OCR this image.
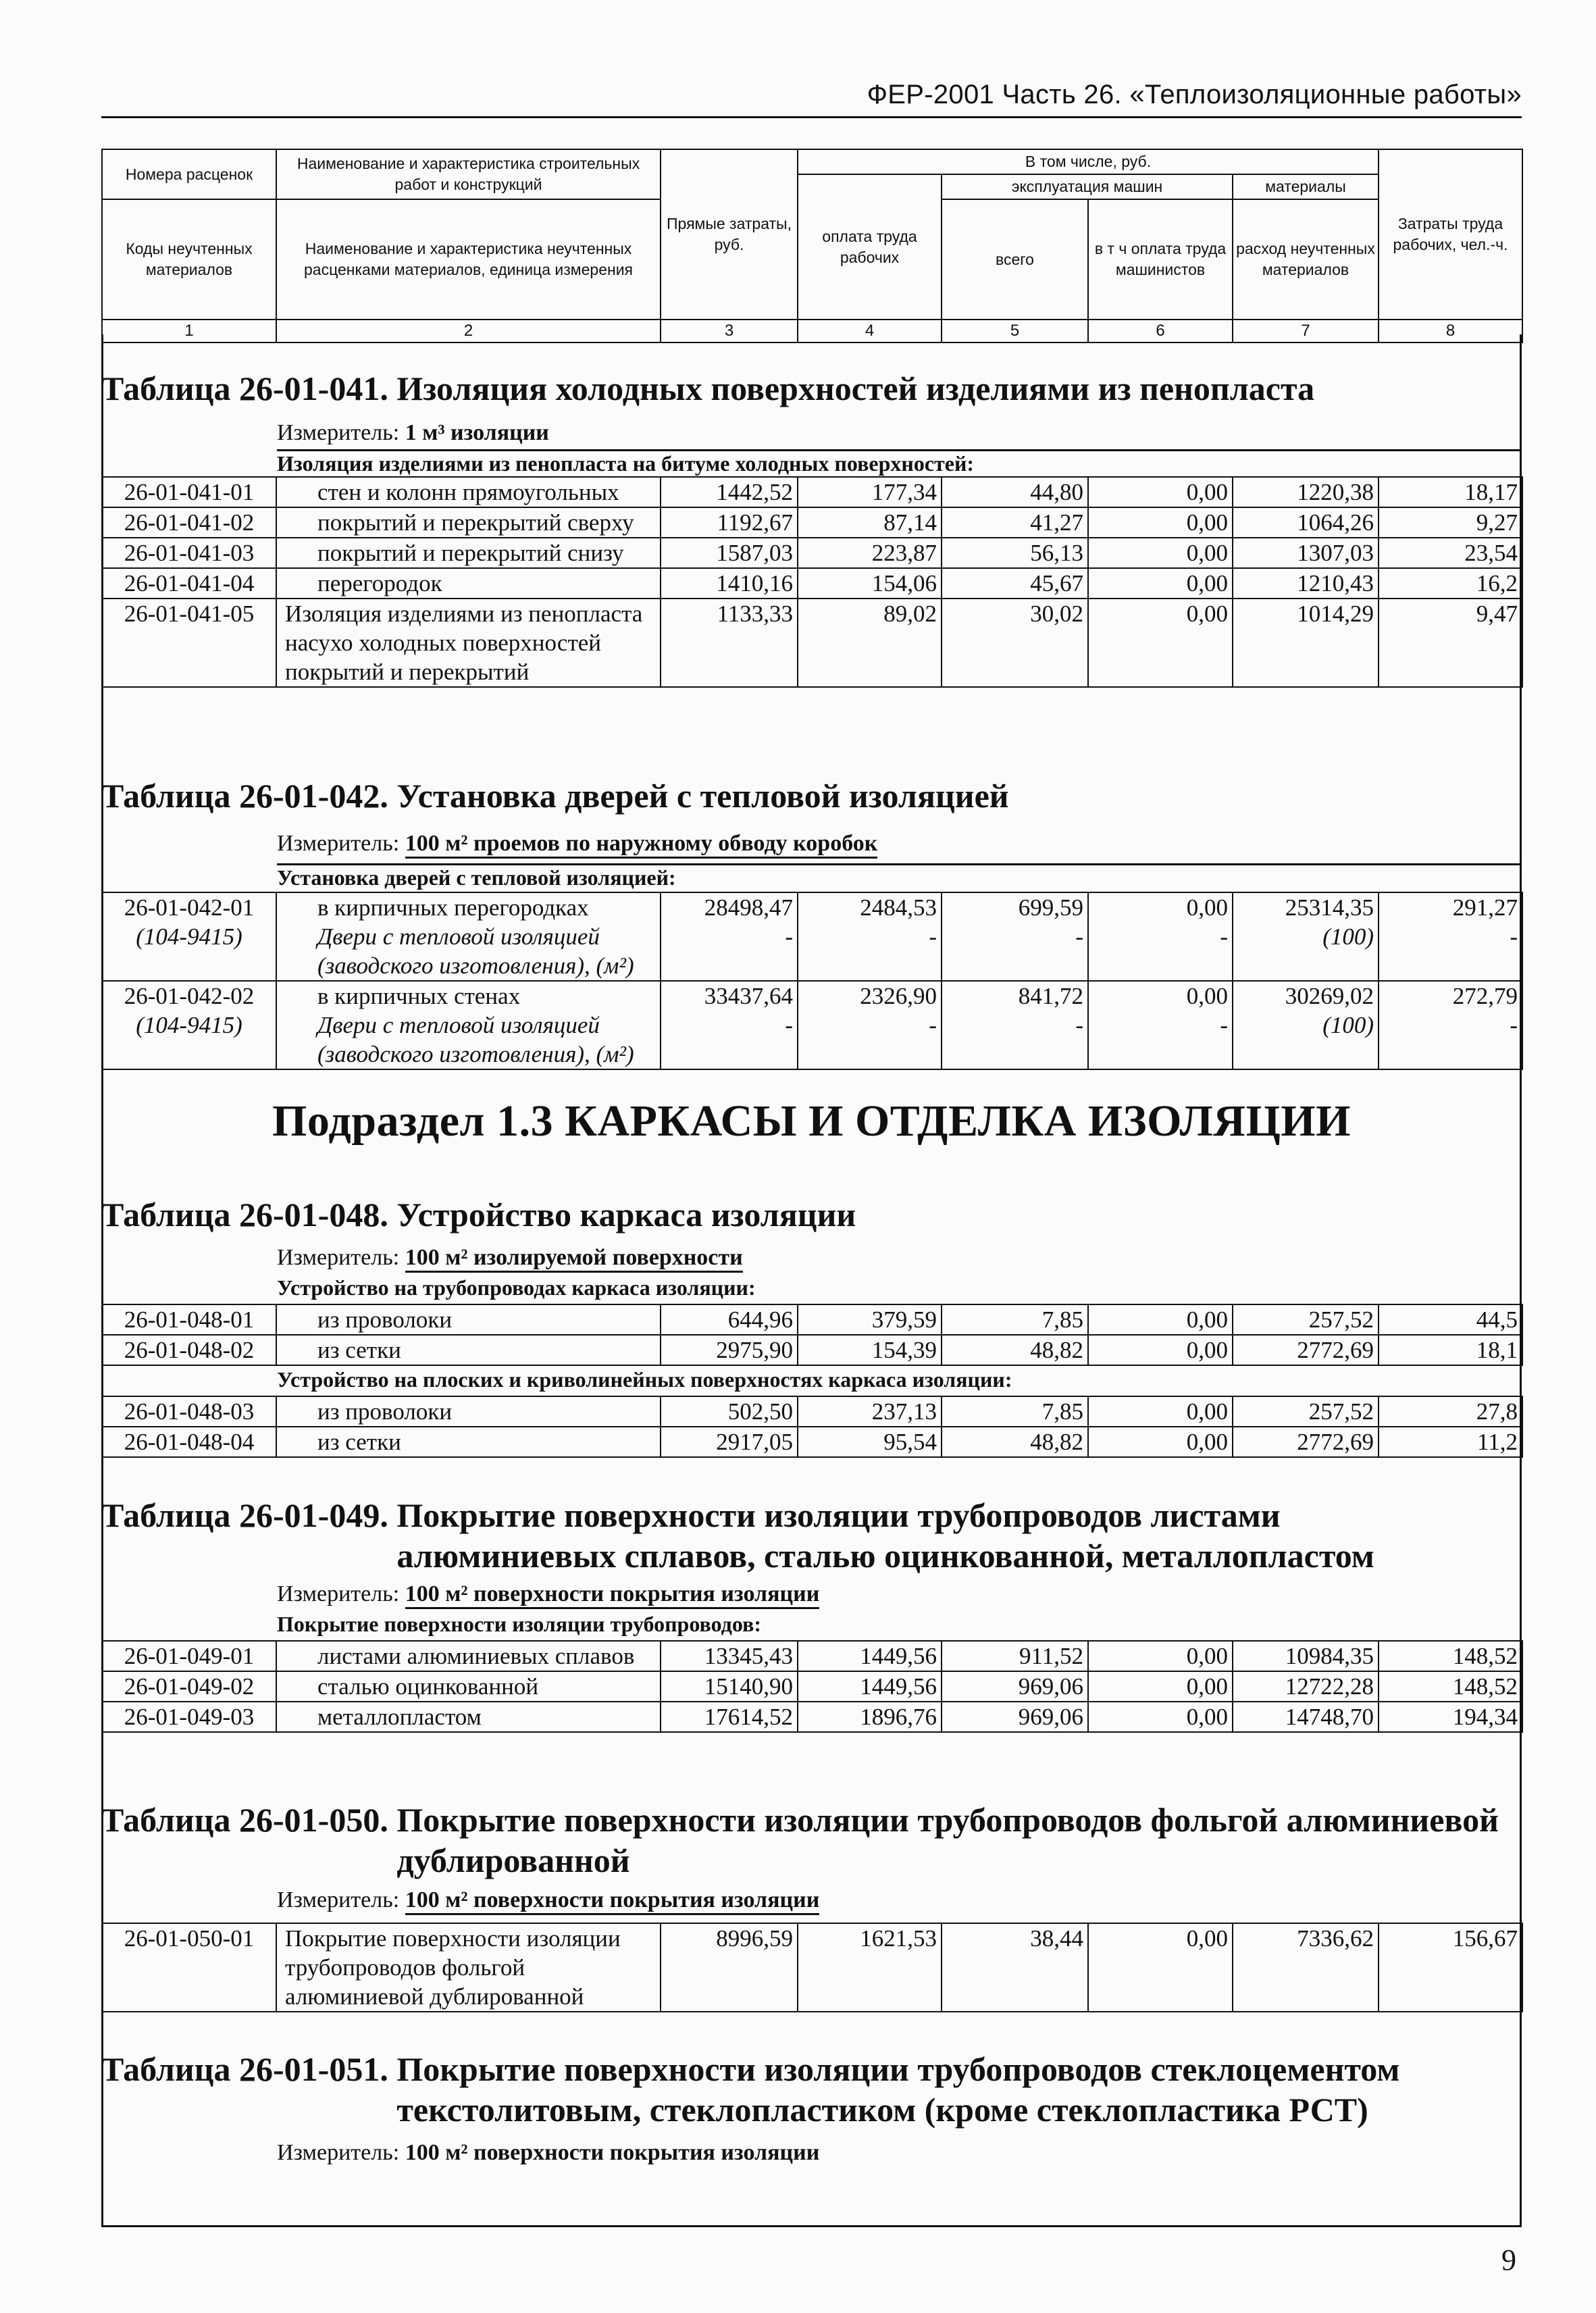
ФЕР-2001 Часть 26. «Теплоизоляционные работы»
Номера расценок	Наименование и характеристика строительных работ и конструкций	Прямые затраты, руб.	В том числе, руб.				Затраты труда рабочих, чел.-ч.
			оплата труда рабочих	эксплуатация машин		материалы	
Коды неучтенных материалов	Наименование и характеристика неучтенных расценками материалов, единица измерения			всего	в т ч оплата труда машинистов	расход неучтенных материалов	

1	2	3	4	5	6	7	8
Таблица 26-01-041. Изоляция холодных поверхностей изделиями из пенопласта
Измеритель: 1 м³ изоляции
Изоляция изделиями из пенопласта на битуме холодных поверхностей:
26-01-041-01	стен и колонн прямоугольных	1442,52	177,34	44,80	0,00	1220,38	18,17
26-01-041-02	покрытий и перекрытий сверху	1192,67	87,14	41,27	0,00	1064,26	9,27
26-01-041-03	покрытий и перекрытий снизу	1587,03	223,87	56,13	0,00	1307,03	23,54
26-01-041-04	перегородок	1410,16	154,06	45,67	0,00	1210,43	16,2
26-01-041-05	Изоляция изделиями из пенопласта насухо холодных поверхностей покрытий и перекрытий	1133,33	89,02	30,02	0,00	1014,29	9,47
Таблица 26-01-042. Установка дверей с тепловой изоляцией
Измеритель: 100 м² проемов по наружному обводу коробок
Установка дверей с тепловой изоляцией:
26-01-042-01	в кирпичных перегородках	28498,47	2484,53	699,59	0,00	25314,35	291,27
(104-9415)	Двери с тепловой изоляцией (заводского изготовления), (м²)	-	-	-	-	(100)	-
26-01-042-02	в кирпичных стенах	33437,64	2326,90	841,72	0,00	30269,02	272,79
(104-9415)	Двери с тепловой изоляцией (заводского изготовления), (м²)	-	-	-	-	(100)	-
Подраздел 1.3 КАРКАСЫ И ОТДЕЛКА ИЗОЛЯЦИИ
Таблица 26-01-048. Устройство каркаса изоляции
Измеритель: 100 м² изолируемой поверхности
Устройство на трубопроводах каркаса изоляции:
26-01-048-01	из проволоки	644,96	379,59	7,85	0,00	257,52	44,5
26-01-048-02	из сетки	2975,90	154,39	48,82	0,00	2772,69	18,1
Устройство на плоских и криволинейных поверхностях каркаса изоляции:
26-01-048-03	из проволоки	502,50	237,13	7,85	0,00	257,52	27,8
26-01-048-04	из сетки	2917,05	95,54	48,82	0,00	2772,69	11,2
Таблица 26-01-049. Покрытие поверхности изоляции трубопроводов листами
алюминиевых сплавов, сталью оцинкованной, металлопластом
Измеритель: 100 м² поверхности покрытия изоляции
Покрытие поверхности изоляции трубопроводов:
26-01-049-01	листами алюминиевых сплавов	13345,43	1449,56	911,52	0,00	10984,35	148,52
26-01-049-02	сталью оцинкованной	15140,90	1449,56	969,06	0,00	12722,28	148,52
26-01-049-03	металлопластом	17614,52	1896,76	969,06	0,00	14748,70	194,34
Таблица 26-01-050. Покрытие поверхности изоляции трубопроводов фольгой алюминиевой
дублированной
Измеритель: 100 м² поверхности покрытия изоляции
26-01-050-01	Покрытие поверхности изоляции трубопроводов фольгой алюминиевой дублированной	8996,59	1621,53	38,44	0,00	7336,62	156,67
Таблица 26-01-051. Покрытие поверхности изоляции трубопроводов стеклоцементом
текстолитовым, стеклопластиком (кроме стеклопластика РСТ)
Измеритель: 100 м² поверхности покрытия изоляции
9
